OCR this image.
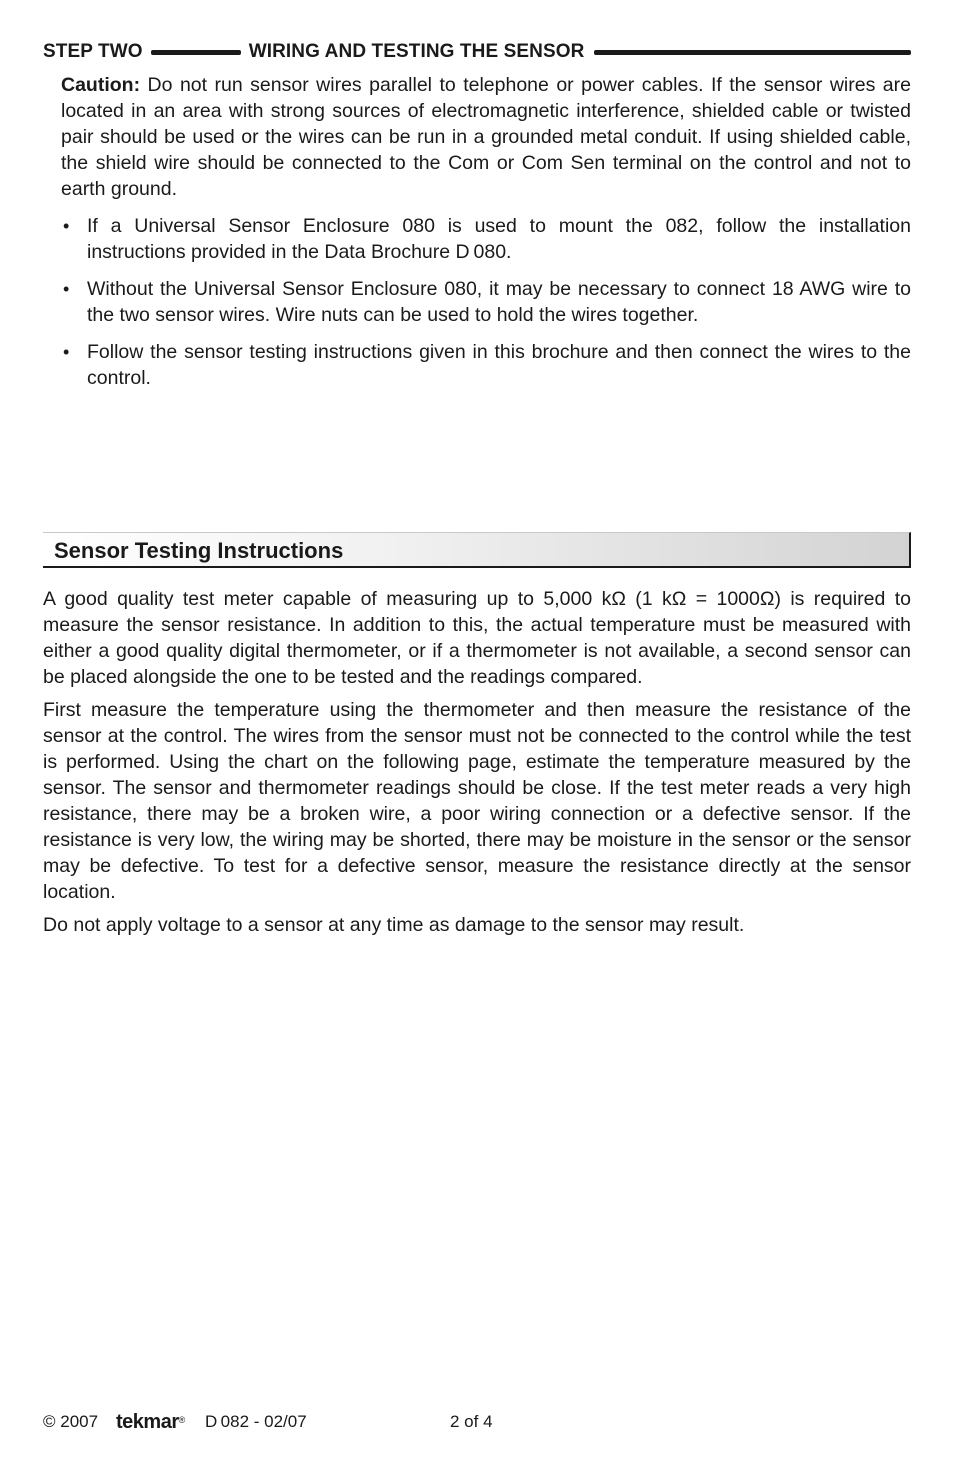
STEP TWO	WIRING AND TESTING THE SENSOR

Caution: Do not run sensor wires parallel to telephone or power cables. If the sensor wires are located in an area with strong sources of electromagnetic interference, shielded cable or twisted pair should be used or the wires can be run in a grounded metal conduit. If using shielded cable, the shield wire should be connected to the Com or Com Sen terminal on the control and not to earth ground.

• If a Universal Sensor Enclosure 080 is used to mount the 082, follow the installation instructions provided in the Data Brochure D 080.
• Without the Universal Sensor Enclosure 080, it may be necessary to connect 18 AWG wire to the two sensor wires. Wire nuts can be used to hold the wires together.
• Follow the sensor testing instructions given in this brochure and then connect the wires to the control.
Sensor Testing Instructions

A good quality test meter capable of measuring up to 5,000 kΩ (1 kΩ = 1000Ω) is required to measure the sensor resistance. In addition to this, the actual temperature must be measured with either a good quality digital thermometer, or if a thermometer is not available, a second sensor can be placed alongside the one to be tested and the readings compared.

First measure the temperature using the thermometer and then measure the resistance of the sensor at the control. The wires from the sensor must not be connected to the control while the test is performed. Using the chart on the following page, estimate the temperature measured by the sensor. The sensor and thermometer readings should be close. If the test meter reads a very high resistance, there may be a broken wire, a poor wiring connection or a defective sensor. If the resistance is very low, the wiring may be shorted, there may be moisture in the sensor or the sensor may be defective. To test for a defective sensor, measure the resistance directly at the sensor location.

Do not apply voltage to a sensor at any time as damage to the sensor may result.

© 2007 tekmar® D 082 - 02/07	2 of 4
